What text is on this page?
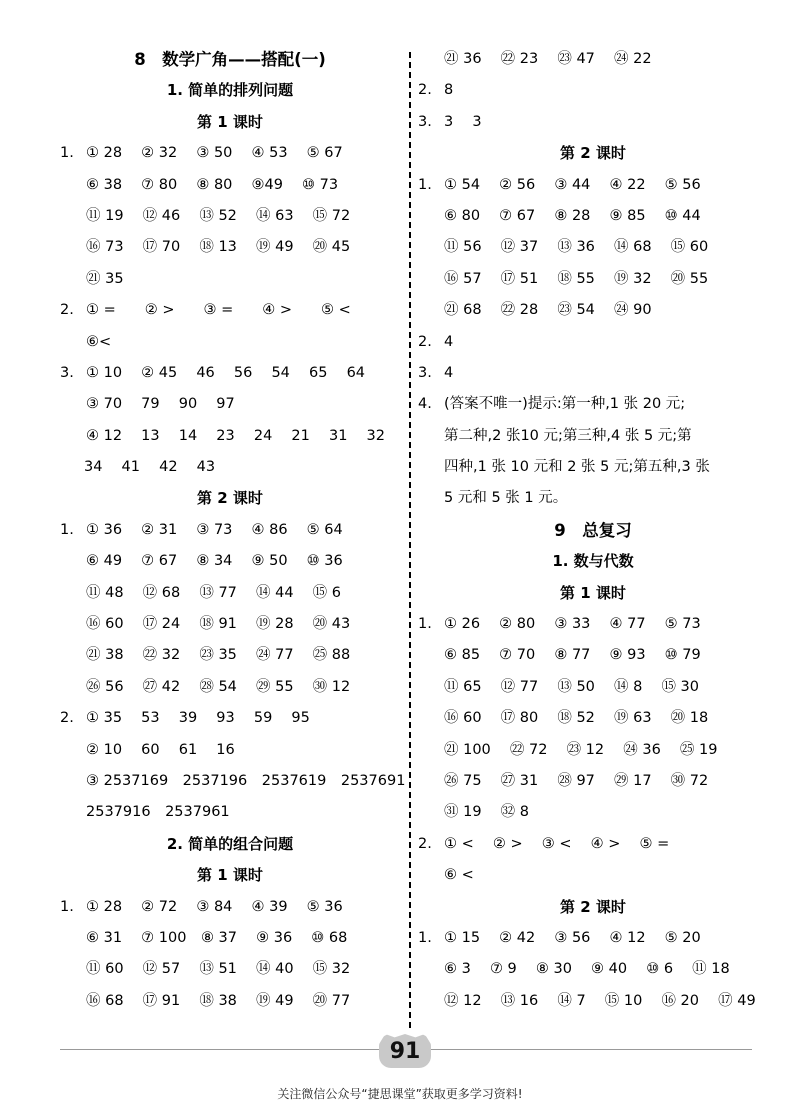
8　数学广角——搭配(一)
1. 简单的排列问题
第 1 课时
1. ① 28　 ② 32　 ③ 50　 ④ 53　 ⑤ 67
⑥ 38　 ⑦ 80　 ⑧ 80　 ⑨49　 ⑩ 73
⑪ 19　 ⑫ 46　 ⑬ 52　 ⑭ 63　 ⑮ 72
⑯ 73　 ⑰ 70　 ⑱ 13　 ⑲ 49　 ⑳ 45
㉑ 35
2. ① =　　② >　　③ =　　④ >　　⑤ <
⑥<
3. ① 10　 ② 45　 46　 56　 54　 65　 64
③ 70　 79　 90　 97
④ 12　 13　 14　 23　 24　 21　 31　 32
34　 41　 42　 43
第 2 课时
1. ① 36　 ② 31　 ③ 73　 ④ 86　 ⑤ 64
⑥ 49　 ⑦ 67　 ⑧ 34　 ⑨ 50　 ⑩ 36
⑪ 48　 ⑫ 68　 ⑬ 77　 ⑭ 44　 ⑮ 6
⑯ 60　 ⑰ 24　 ⑱ 91　 ⑲ 28　 ⑳ 43
㉑ 38　 ㉒ 32　 ㉓ 35　 ㉔ 77　 ㉕ 88
㉖ 56　 ㉗ 42　 ㉘ 54　 ㉙ 55　 ㉚ 12
2. ① 35　 53　 39　 93　 59　 95
② 10　 60　 61　 16
③ 2537169　2537196　2537619　2537691
2537916　2537961
2. 简单的组合问题
第 1 课时
1. ① 28　 ② 72　 ③ 84　 ④ 39　 ⑤ 36
⑥ 31　 ⑦ 100　⑧ 37　 ⑨ 36　 ⑩ 68
⑪ 60　 ⑫ 57　 ⑬ 51　 ⑭ 40　 ⑮ 32
⑯ 68　 ⑰ 91　 ⑱ 38　 ⑲ 49　 ⑳ 77
㉑ 36　 ㉒ 23　 ㉓ 47　 ㉔ 22
2. 8
3. 3　 3
第 2 课时
1. ① 54　 ② 56　 ③ 44　 ④ 22　 ⑤ 56
⑥ 80　 ⑦ 67　 ⑧ 28　 ⑨ 85　 ⑩ 44
⑪ 56　 ⑫ 37　 ⑬ 36　 ⑭ 68　 ⑮ 60
⑯ 57　 ⑰ 51　 ⑱ 55　 ⑲ 32　 ⑳ 55
㉑ 68　 ㉒ 28　 ㉓ 54　 ㉔ 90
2. 4
3. 4
4. (答案不唯一)提示:第一种,1 张 20 元;
第二种,2 张10 元;第三种,4 张 5 元;第
四种,1 张 10 元和 2 张 5 元;第五种,3 张
5 元和 5 张 1 元。
9　总复习
1. 数与代数
第 1 课时
1. ① 26　 ② 80　 ③ 33　 ④ 77　 ⑤ 73
⑥ 85　 ⑦ 70　 ⑧ 77　 ⑨ 93　 ⑩ 79
⑪ 65　 ⑫ 77　 ⑬ 50　 ⑭ 8　 ⑮ 30
⑯ 60　 ⑰ 80　 ⑱ 52　 ⑲ 63　 ⑳ 18
㉑ 100　 ㉒ 72　 ㉓ 12　 ㉔ 36　 ㉕ 19
㉖ 75　 ㉗ 31　 ㉘ 97　 ㉙ 17　 ㉚ 72
㉛ 19　 ㉜ 8
2. ① <　 ② >　 ③ <　 ④ >　 ⑤ =
⑥ <
第 2 课时
1. ① 15　 ② 42　 ③ 56　 ④ 12　 ⑤ 20
⑥ 3　 ⑦ 9　 ⑧ 30　 ⑨ 40　 ⑩ 6　 ⑪ 18
⑫ 12　 ⑬ 16　 ⑭ 7　 ⑮ 10　 ⑯ 20　 ⑰ 49
91
关注微信公众号“捷思课堂”获取更多学习资料!
